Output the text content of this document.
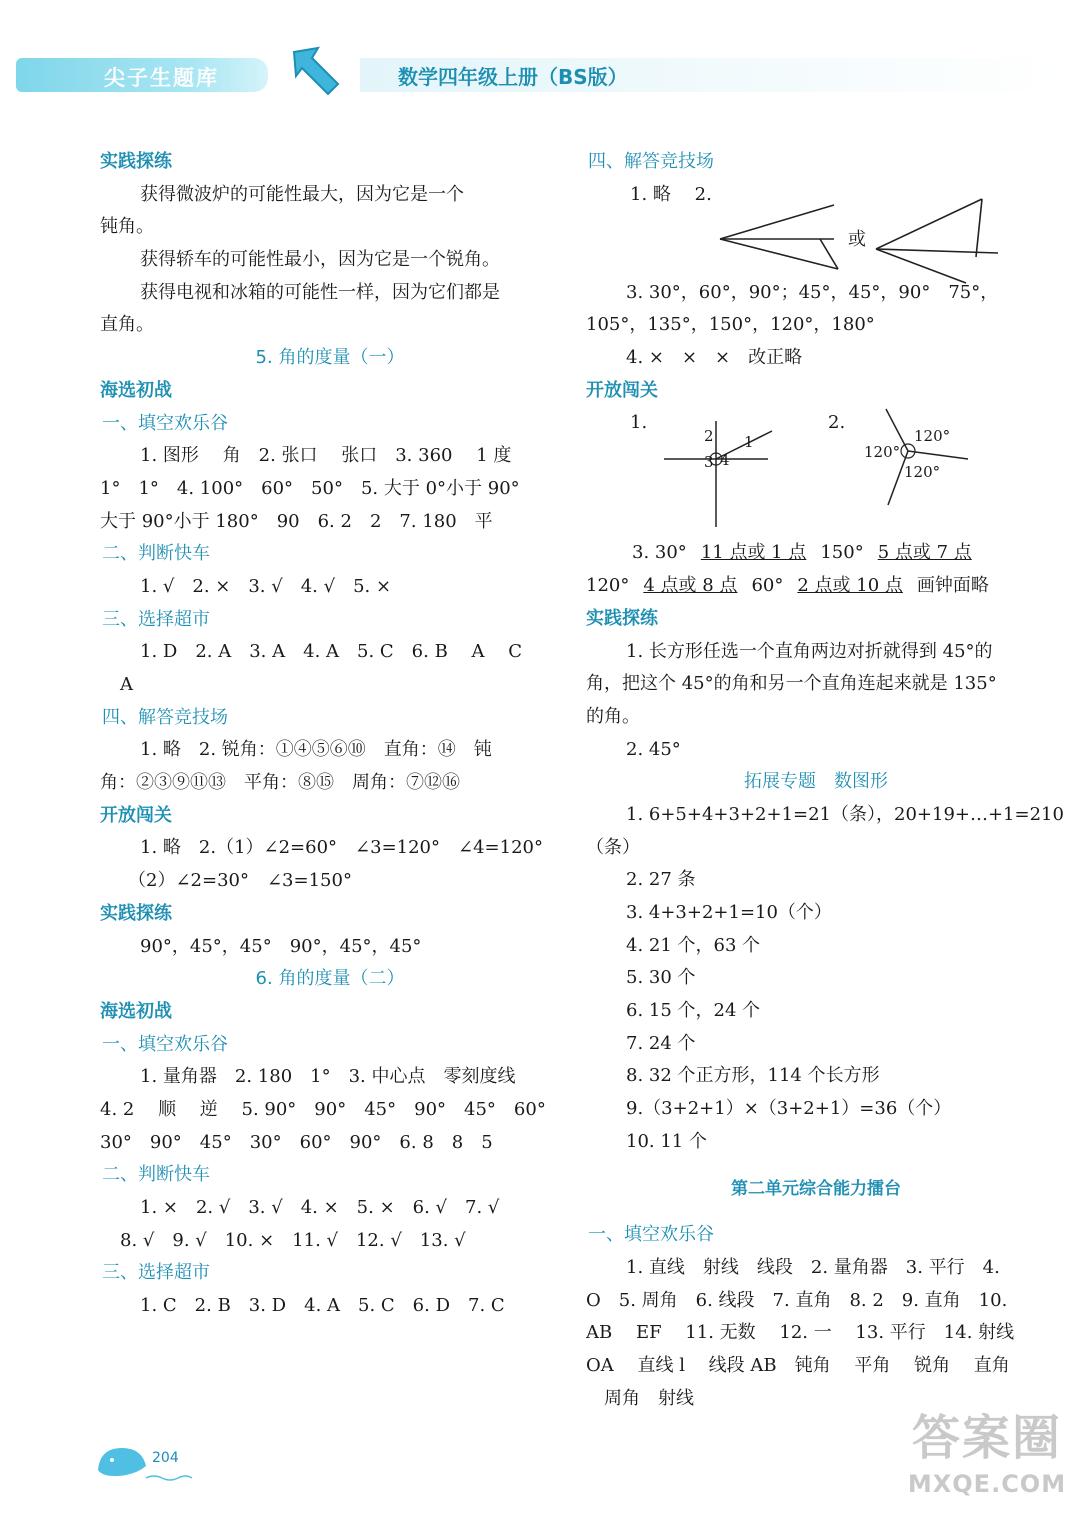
尖子生题库	数学四年级上册（BS版）
实践探练
获得微波炉的可能性最大，因为它是一个
钝角。
获得轿车的可能性最小，因为它是一个锐角。
获得电视和冰箱的可能性一样，因为它们都是
直角。
5. 角的度量（一）
海选初战
一、填空欢乐谷
1. 图形　 角　2. 张口　 张口　3. 360　 1 度
1°　1°　4. 100°　60°　50°　5. 大于 0°小于 90°
大于 90°小于 180°　90　6. 2　2　7. 180　平
二、判断快车
1. √　2. ×　3. √　4. √　5. ×
三、选择超市
1. D　2. A　3. A　4. A　5. C　6. B　 A　 C
A
四、解答竞技场
1. 略　2. 锐角：①④⑤⑥⑩　直角：⑭　钝
角：②③⑨⑪⑬　平角：⑧⑮　周角：⑦⑫⑯
开放闯关
1. 略　2.（1）∠2=60°　∠3=120°　∠4=120°
（2）∠2=30°　∠3=150°
实践探练
90°，45°，45°　90°，45°，45°
6. 角的度量（二）
海选初战
一、填空欢乐谷
1. 量角器　2. 180　1°　3. 中心点　零刻度线
4. 2　 顺　 逆　 5. 90°　90°　45°　90°　45°　60°
30°　90°　45°　30°　60°　90°　6. 8　8　5
二、判断快车
1. ×　2. √　3. √　4. ×　5. ×　6. √　7. √
8. √　9. √　10. ×　11. √　12. √　13. √
三、选择超市
1. C　2. B　3. D　4. A　5. C　6. D　7. C
四、解答竞技场
1. 略　 2.
或
3. 30°，60°，90°；45°，45°，90°　75°，
105°，135°，150°，120°，180°
4. ×　×　×　改正略
开放闯关
1.
2 1
3 4
2.
120°
120°
120°
3. 30° 11 点或 1 点 150° 5 点或 7 点
120° 4 点或 8 点 60° 2 点或 10 点 画钟面略
实践探练
1. 长方形任选一个直角两边对折就得到 45°的
角，把这个 45°的角和另一个直角连起来就是 135°
的角。
2. 45°
拓展专题　数图形
1. 6+5+4+3+2+1=21（条），20+19+…+1=210
（条）
2. 27 条
3. 4+3+2+1=10（个）
4. 21 个，63 个
5. 30 个
6. 15 个，24 个
7. 24 个
8. 32 个正方形，114 个长方形
9.（3+2+1）×（3+2+1）=36（个）
10. 11 个
第二单元综合能力擂台
一、填空欢乐谷
1. 直线　射线　线段　2. 量角器　3. 平行　4.
O　5. 周角　6. 线段　7. 直角　8. 2　9. 直角　10.
AB　 EF　 11. 无数　 12. 一　 13. 平行　14. 射线
OA　 直线 l　 线段 AB　钝角　 平角　 锐角　 直角
周角　射线
204	答案圈
MXQE.COM
